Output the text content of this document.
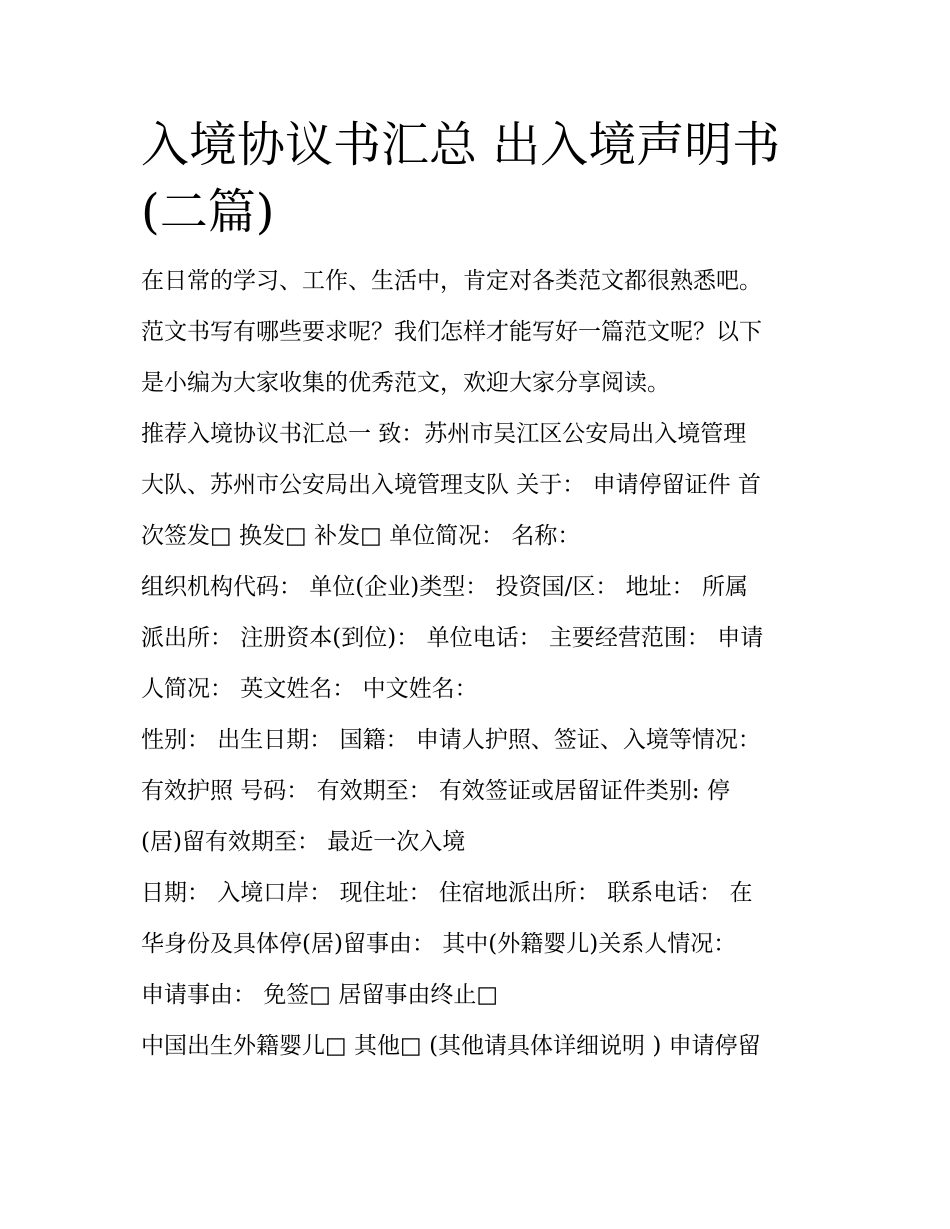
入境协议书汇总 出入境声明书
(二篇)
在日常的学习、工作、生活中，肯定对各类范文都很熟悉吧。
范文书写有哪些要求呢？我们怎样才能写好一篇范文呢？以下
是小编为大家收集的优秀范文，欢迎大家分享阅读。
推荐入境协议书汇总一 致：苏州市吴江区公安局出入境管理
大队、苏州市公安局出入境管理支队 关于： 申请停留证件 首
次签发□ 换发□ 补发□ 单位简况： 名称：
组织机构代码： 单位(企业)类型： 投资国/区： 地址： 所属
派出所： 注册资本(到位)： 单位电话： 主要经营范围： 申请
人简况： 英文姓名： 中文姓名：
性别： 出生日期： 国籍： 申请人护照、签证、入境等情况：
有效护照 号码： 有效期至： 有效签证或居留证件类别: 停
(居)留有效期至： 最近一次入境
日期： 入境口岸： 现住址： 住宿地派出所： 联系电话： 在
华身份及具体停(居)留事由： 其中(外籍婴儿)关系人情况：
申请事由： 免签□ 居留事由终止□
中国出生外籍婴儿□ 其他□ (其他请具体详细说明 ) 申请停留
